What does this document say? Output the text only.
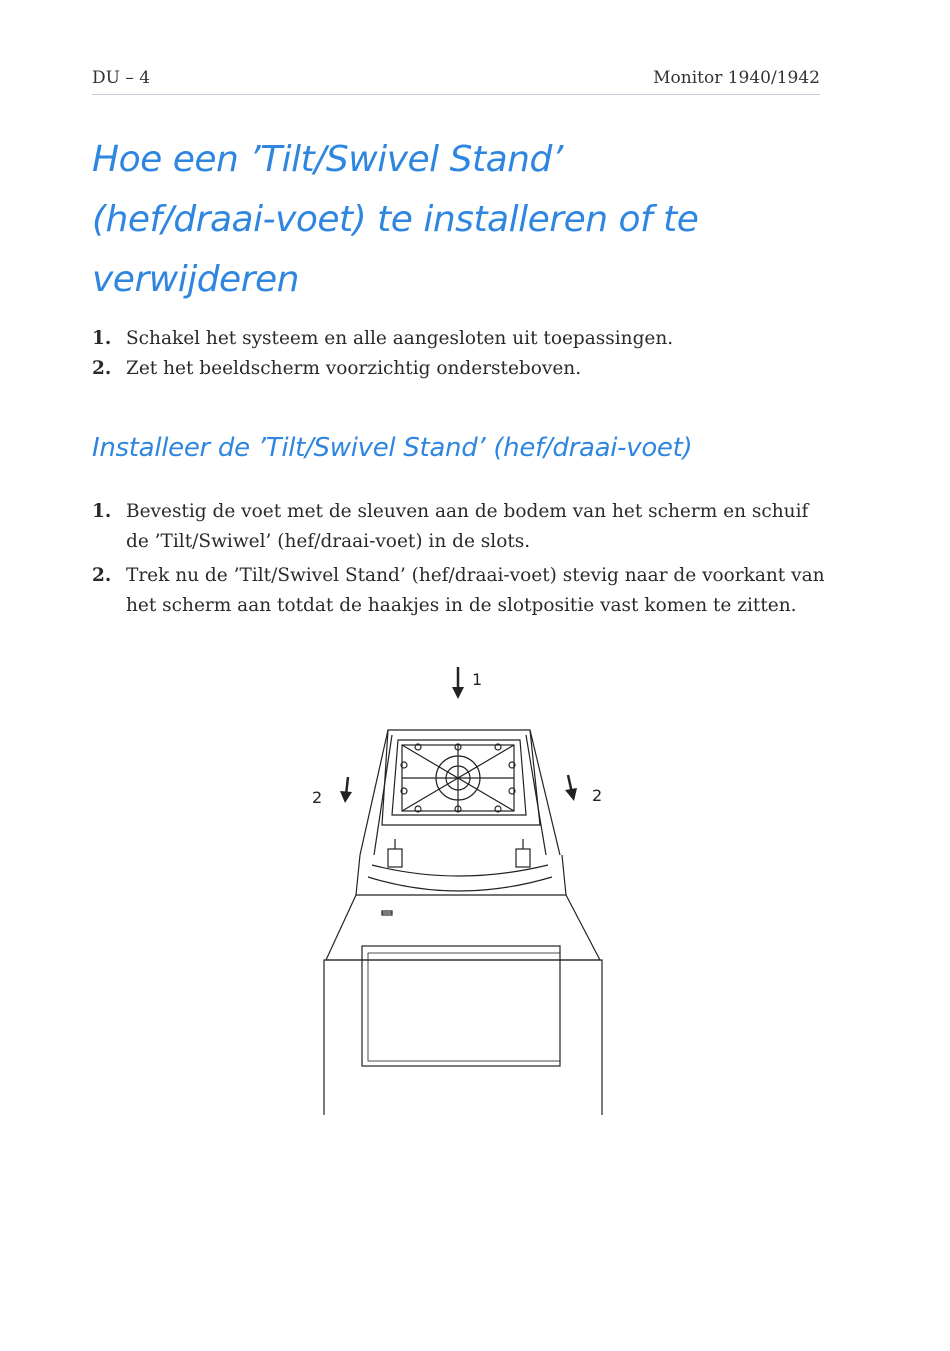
DU – 4	Monitor 1940/1942
Hoe een ’Tilt/Swivel Stand’
(hef/draai-voet) te installeren of te
verwijderen
1. Schakel het systeem en alle aangesloten uit toepassingen.
2. Zet het beeldscherm voorzichtig ondersteboven.
Installeer de ’Tilt/Swivel Stand’ (hef/draai-voet)
1. Bevestig de voet met de sleuven aan de bodem van het scherm en schuif de ’Tilt/Swiwel’ (hef/draai-voet) in de slots.
2. Trek nu de ’Tilt/Swivel Stand’ (hef/draai-voet) stevig naar de voorkant van het scherm aan totdat de haakjes in de slotpositie vast komen te zitten.
1
2	2
